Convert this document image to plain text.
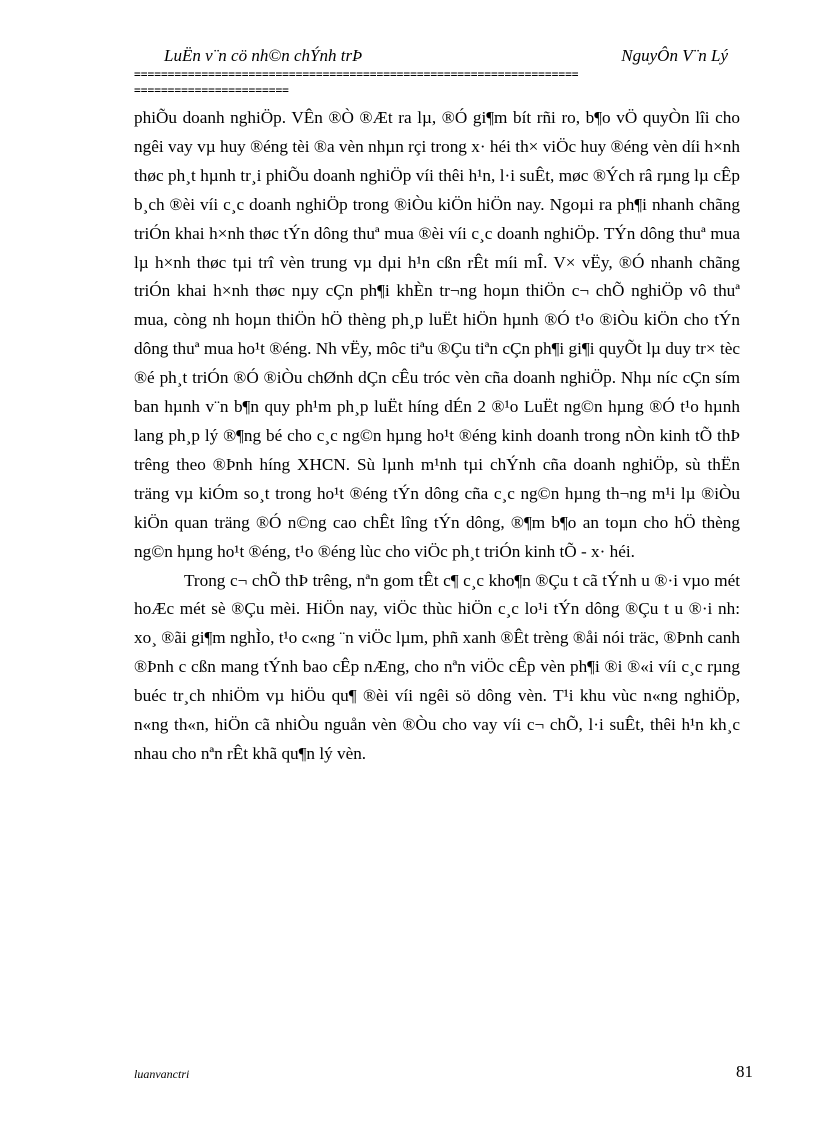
LuËn v¨n cö nh©n chÝnh trÞ	NguyÔn V¨n Lý
==================================================================
=======================

phiÕu doanh nghiÖp. VÊn ®Ò ®Æt ra lµ, ®Ó gi¶m bít rñi ro, b¶o vÖ quyÒn lîi cho ngêi vay vµ huy ®éng tèi ®a vèn nhµn rçi trong x· héi th× viÖc huy ®éng vèn díi h×nh thøc ph¸t hµnh tr¸i phiÕu doanh nghiÖp víi thêi h¹n, l·i suÊt, møc ®Ých râ rµng lµ cÊp b¸ch ®èi víi c¸c doanh nghiÖp trong ®iÒu kiÖn hiÖn nay. Ngoµi ra ph¶i nhanh chãng triÓn khai h×nh thøc tÝn dông thuª mua ®èi víi c¸c doanh nghiÖp. TÝn dông thuª mua lµ h×nh thøc tµi trî vèn trung vµ dµi h¹n cßn rÊt míi mÎ. V× vËy, ®Ó nhanh chãng triÓn khai h×nh thøc nµy cÇn ph¶i khÈn tr¬ng hoµn thiÖn c¬ chÕ nghiÖp vô thuª mua, còng nh hoµn thiÖn hÖ thèng ph¸p luËt hiÖn hµnh ®Ó t¹o ®iÒu kiÖn cho tÝn dông thuª mua ho¹t ®éng. Nh vËy, môc tiªu ®Çu tiªn cÇn ph¶i gi¶i quyÕt lµ duy tr× tèc ®é ph¸t triÓn ®Ó ®iÒu chØnh dÇn cÊu tróc vèn cña doanh nghiÖp. Nhµ níc cÇn sím ban hµnh v¨n b¶n quy ph¹m ph¸p luËt híng dÉn 2 ®¹o LuËt ng©n hµng ®Ó t¹o hµnh lang ph¸p lý ®¶ng bé cho c¸c ng©n hµng ho¹t ®éng kinh doanh trong nÒn kinh tÕ thÞ trêng theo ®Þnh híng XHCN. Sù lµnh m¹nh tµi chÝnh cña doanh nghiÖp, sù thËn träng vµ kiÓm so¸t trong ho¹t ®éng tÝn dông cña c¸c ng©n hµng th¬ng m¹i lµ ®iÒu kiÖn quan träng ®Ó n©ng cao chÊt lîng tÝn dông, ®¶m b¶o an toµn cho hÖ thèng ng©n hµng ho¹t ®éng, t¹o ®éng lùc cho viÖc ph¸t triÓn kinh tÕ - x· héi.

Trong c¬ chÕ thÞ trêng, nªn gom tÊt c¶ c¸c kho¶n ®Çu t cã tÝnh u ®·i vµo mét hoÆc mét sè ®Çu mèi. HiÖn nay, viÖc thùc hiÖn c¸c lo¹i tÝn dông ®Çu t u ®·i nh: xo¸ ®ãi gi¶m nghÌo, t¹o c«ng ¨n viÖc lµm, phñ xanh ®Êt trèng ®åi nói träc, ®Þnh canh ®Þnh c cßn mang tÝnh bao cÊp nÆng, cho nªn viÖc cÊp vèn ph¶i ®i ®«i víi c¸c rµng buéc tr¸ch nhiÖm vµ hiÖu qu¶ ®èi víi ngêi sö dông vèn. T¹i khu vùc n«ng nghiÖp, n«ng th«n, hiÖn cã nhiÒu nguån vèn ®Òu cho vay víi c¬ chÕ, l·i suÊt, thêi h¹n kh¸c nhau cho nªn rÊt khã qu¶n lý vèn.

luanvanctri	81
